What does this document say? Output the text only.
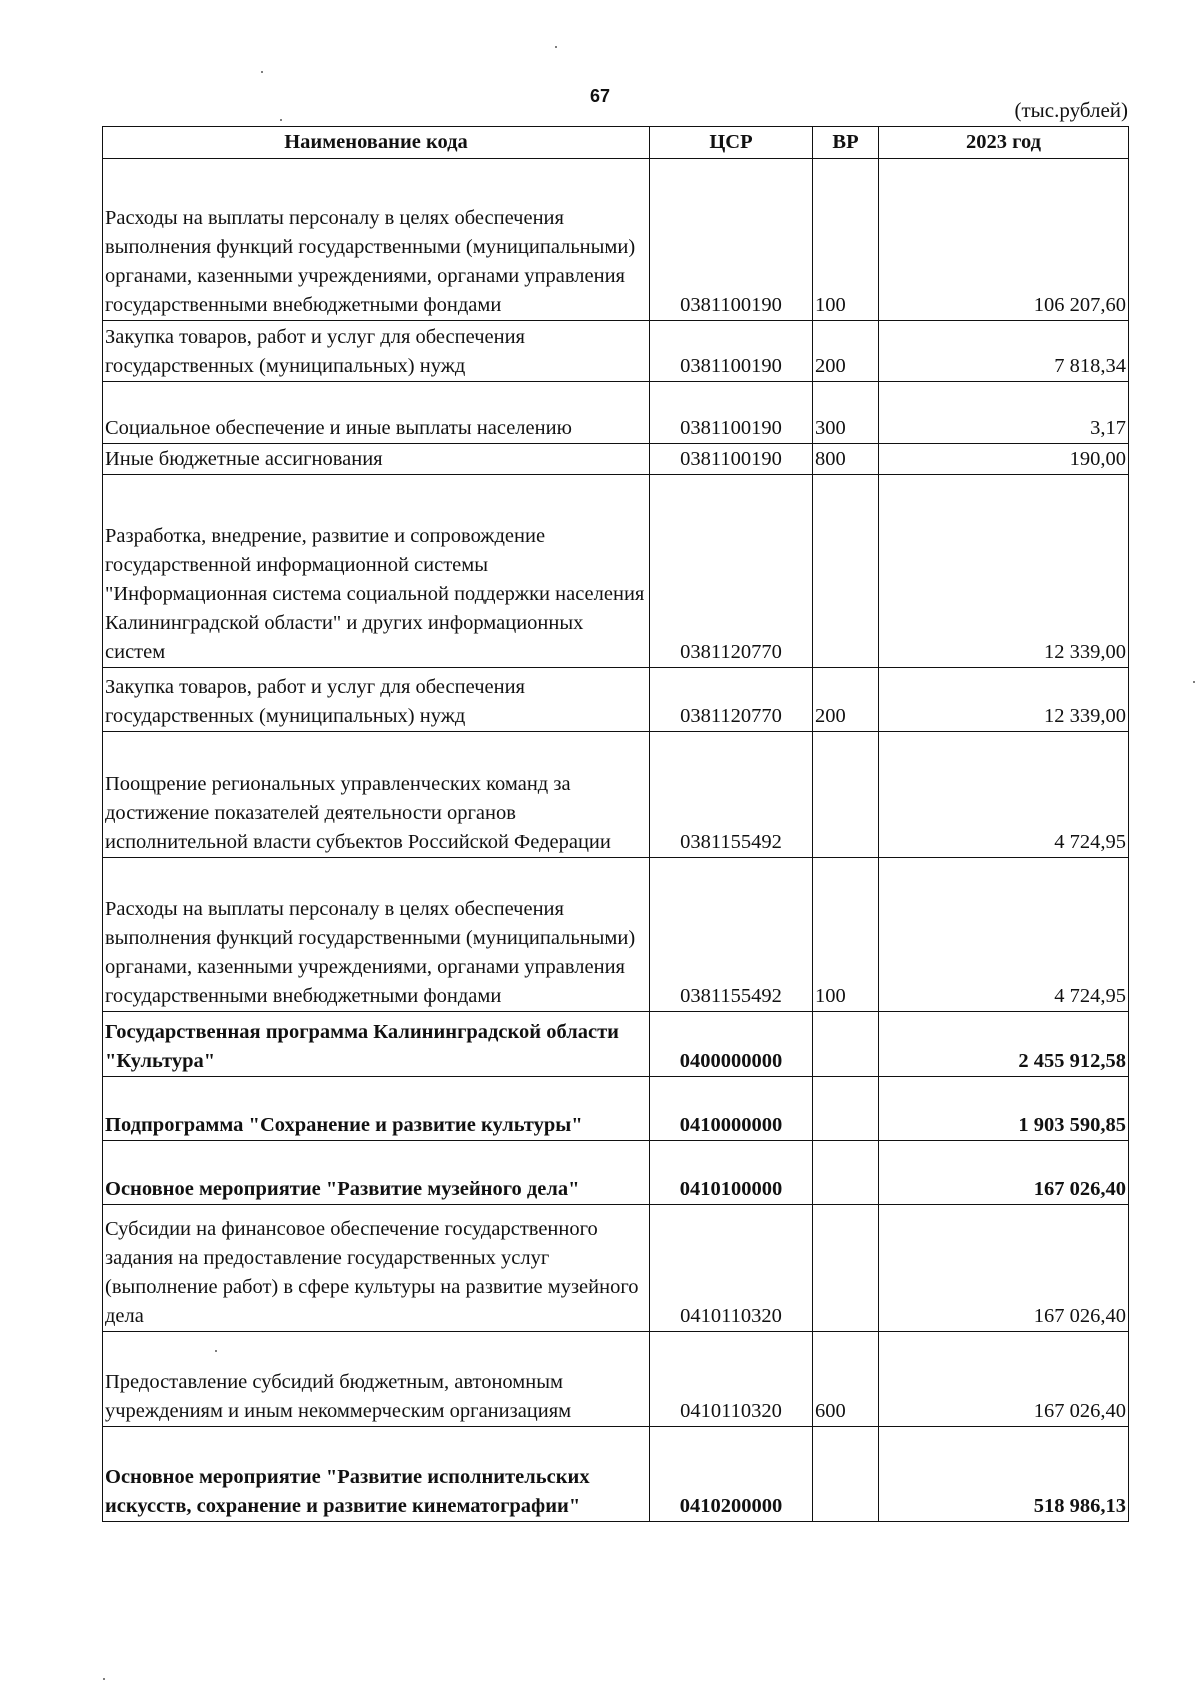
67
(тыс.рублей)
Наименование кода	ЦСР	ВР	2023 год
Расходы на выплаты персоналу в целях обеспечения выполнения функций государственными (муниципальными) органами, казенными учреждениями, органами управления государственными внебюджетными фондами	0381100190	100	106 207,60
Закупка товаров, работ и услуг для обеспечения государственных (муниципальных) нужд	0381100190	200	7 818,34
Социальное обеспечение и иные выплаты населению	0381100190	300	3,17
Иные бюджетные ассигнования	0381100190	800	190,00
Разработка, внедрение, развитие и сопровождение государственной информационной системы "Информационная система социальной поддержки населения Калининградской области" и других информационных систем	0381120770		12 339,00
Закупка товаров, работ и услуг для обеспечения государственных (муниципальных) нужд	0381120770	200	12 339,00
Поощрение региональных управленческих команд за достижение показателей деятельности органов исполнительной власти субъектов Российской Федерации	0381155492		4 724,95
Расходы на выплаты персоналу в целях обеспечения выполнения функций государственными (муниципальными) органами, казенными учреждениями, органами управления государственными внебюджетными фондами	0381155492	100	4 724,95
Государственная программа Калининградской области "Культура"	0400000000		2 455 912,58
Подпрограмма "Сохранение и развитие культуры"	0410000000		1 903 590,85
Основное мероприятие "Развитие музейного дела"	0410100000		167 026,40
Субсидии на финансовое обеспечение государственного задания на предоставление государственных услуг (выполнение работ) в сфере культуры на развитие музейного дела	0410110320		167 026,40
Предоставление субсидий бюджетным, автономным учреждениям и иным некоммерческим организациям	0410110320	600	167 026,40
Основное мероприятие "Развитие исполнительских искусств, сохранение и развитие кинематографии"	0410200000		518 986,13
